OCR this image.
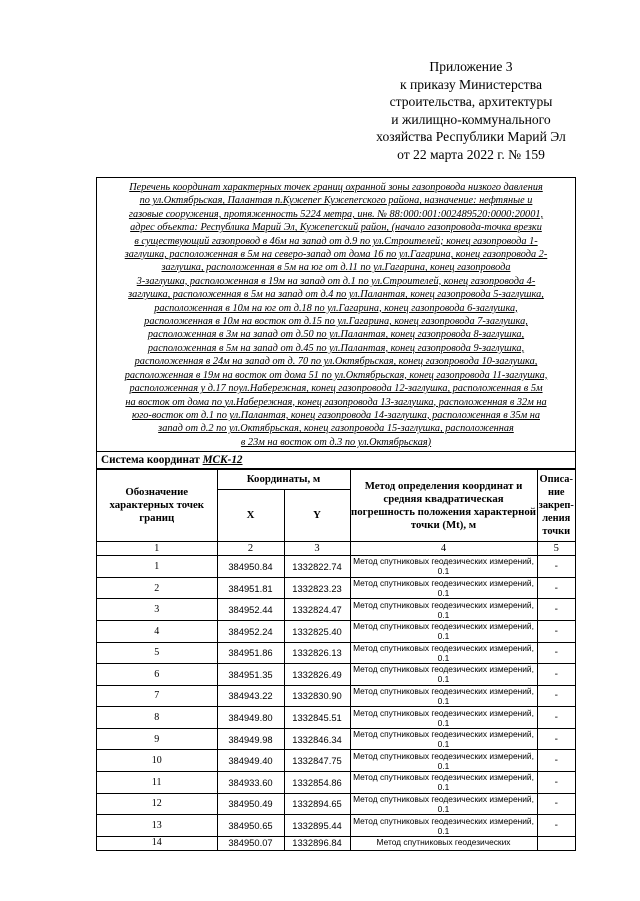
Приложение 3
к приказу Министерства
строительства, архитектуры
и жилищно-коммунального
хозяйства Республики Марий Эл
от 22 марта 2022 г. № 159
Перечень координат характерных точек границ охранной зоны газопровода низкого давления
по ул.Октябрьская, Палантая п.Кужener Кужenerского района, назначение: нефтяные и
газовые сооружения, протяженность 5224 метра, инв. № 88:000:001:002489520:0000:20001,
адрес объекта: Республика Марий Эл, Кужenerский район, (начало газопровода-точка врезки
в существующий газопровод в 46м на запад от д.9 по ул.Строителей; конец газопровода 1-
заглушка, расположенная в 5м на северо-запад от дома 16 по ул.Гагарина, конец газопровода 2-
заглушка, расположенная в 5м на юг от д.11 по ул.Гагарина, конец газопровода
3-заглушка, расположенная в 19м на запад от д.1 по ул.Строителей, конец газопровода 4-
заглушка, расположенная в 5м на запад от д.4 по ул.Палантая, конец газопровода 5-заглушка,
расположенная в 10м на юг от д.18 по ул.Гагарина, конец газопровода 6-заглушка,
расположенная в 10м на восток от д.15 по ул.Гагарина, конец газопровода 7-заглушка,
расположенная в 3м на запад от д.50 по ул.Палантая, конец газопровода 8-заглушка,
расположенная в 5м на запад от д.45 по ул.Палантая, конец газопровода 9-заглушка,
расположенная в 24м на запад от д. 70 по ул.Октябрьская, конец газопровода 10-заглушка,
расположенная в 19м на восток от дома 51 по ул.Октябрьская, конец газопровода 11-заглушка,
расположенная у д.17 поул.Набережная, конец газопровода 12-заглушка, расположенная в 5м
на восток от дома по ул.Набережная, конец газопровода 13-заглушка, расположенная в 32м на
юго-восток от д.1 по ул.Палантая, конец газопровода 14-заглушка, расположенная в 35м на
запад от д.2 по ул.Октябрьская, конец газопровода 15-заглушка, расположенная
в 23м на восток от д.3 по ул.Октябрьская)
Система координат МСК-12
Обозначение характерных точек границ	Координаты, м		Метод определения координат и средняя квадратическая погрешность положения характерной точки (Mt), м	Описа-ние закреп-ления точки
	X	Y		
1	2	3	4	5
1	384950.84	1332822.74	Метод спутниковых геодезических измерений, 0.1	-
2	384951.81	1332823.23	Метод спутниковых геодезических измерений, 0.1	-
3	384952.44	1332824.47	Метод спутниковых геодезических измерений, 0.1	-
4	384952.24	1332825.40	Метод спутниковых геодезических измерений, 0.1	-
5	384951.86	1332826.13	Метод спутниковых геодезических измерений, 0.1	-
6	384951.35	1332826.49	Метод спутниковых геодезических измерений, 0.1	-
7	384943.22	1332830.90	Метод спутниковых геодезических измерений, 0.1	-
8	384949.80	1332845.51	Метод спутниковых геодезических измерений, 0.1	-
9	384949.98	1332846.34	Метод спутниковых геодезических измерений, 0.1	-
10	384949.40	1332847.75	Метод спутниковых геодезических измерений, 0.1	-
11	384933.60	1332854.86	Метод спутниковых геодезических измерений, 0.1	-
12	384950.49	1332894.65	Метод спутниковых геодезических измерений, 0.1	-
13	384950.65	1332895.44	Метод спутниковых геодезических измерений, 0.1	-
14	384950.07	1332896.84	Метод спутниковых геодезических	
